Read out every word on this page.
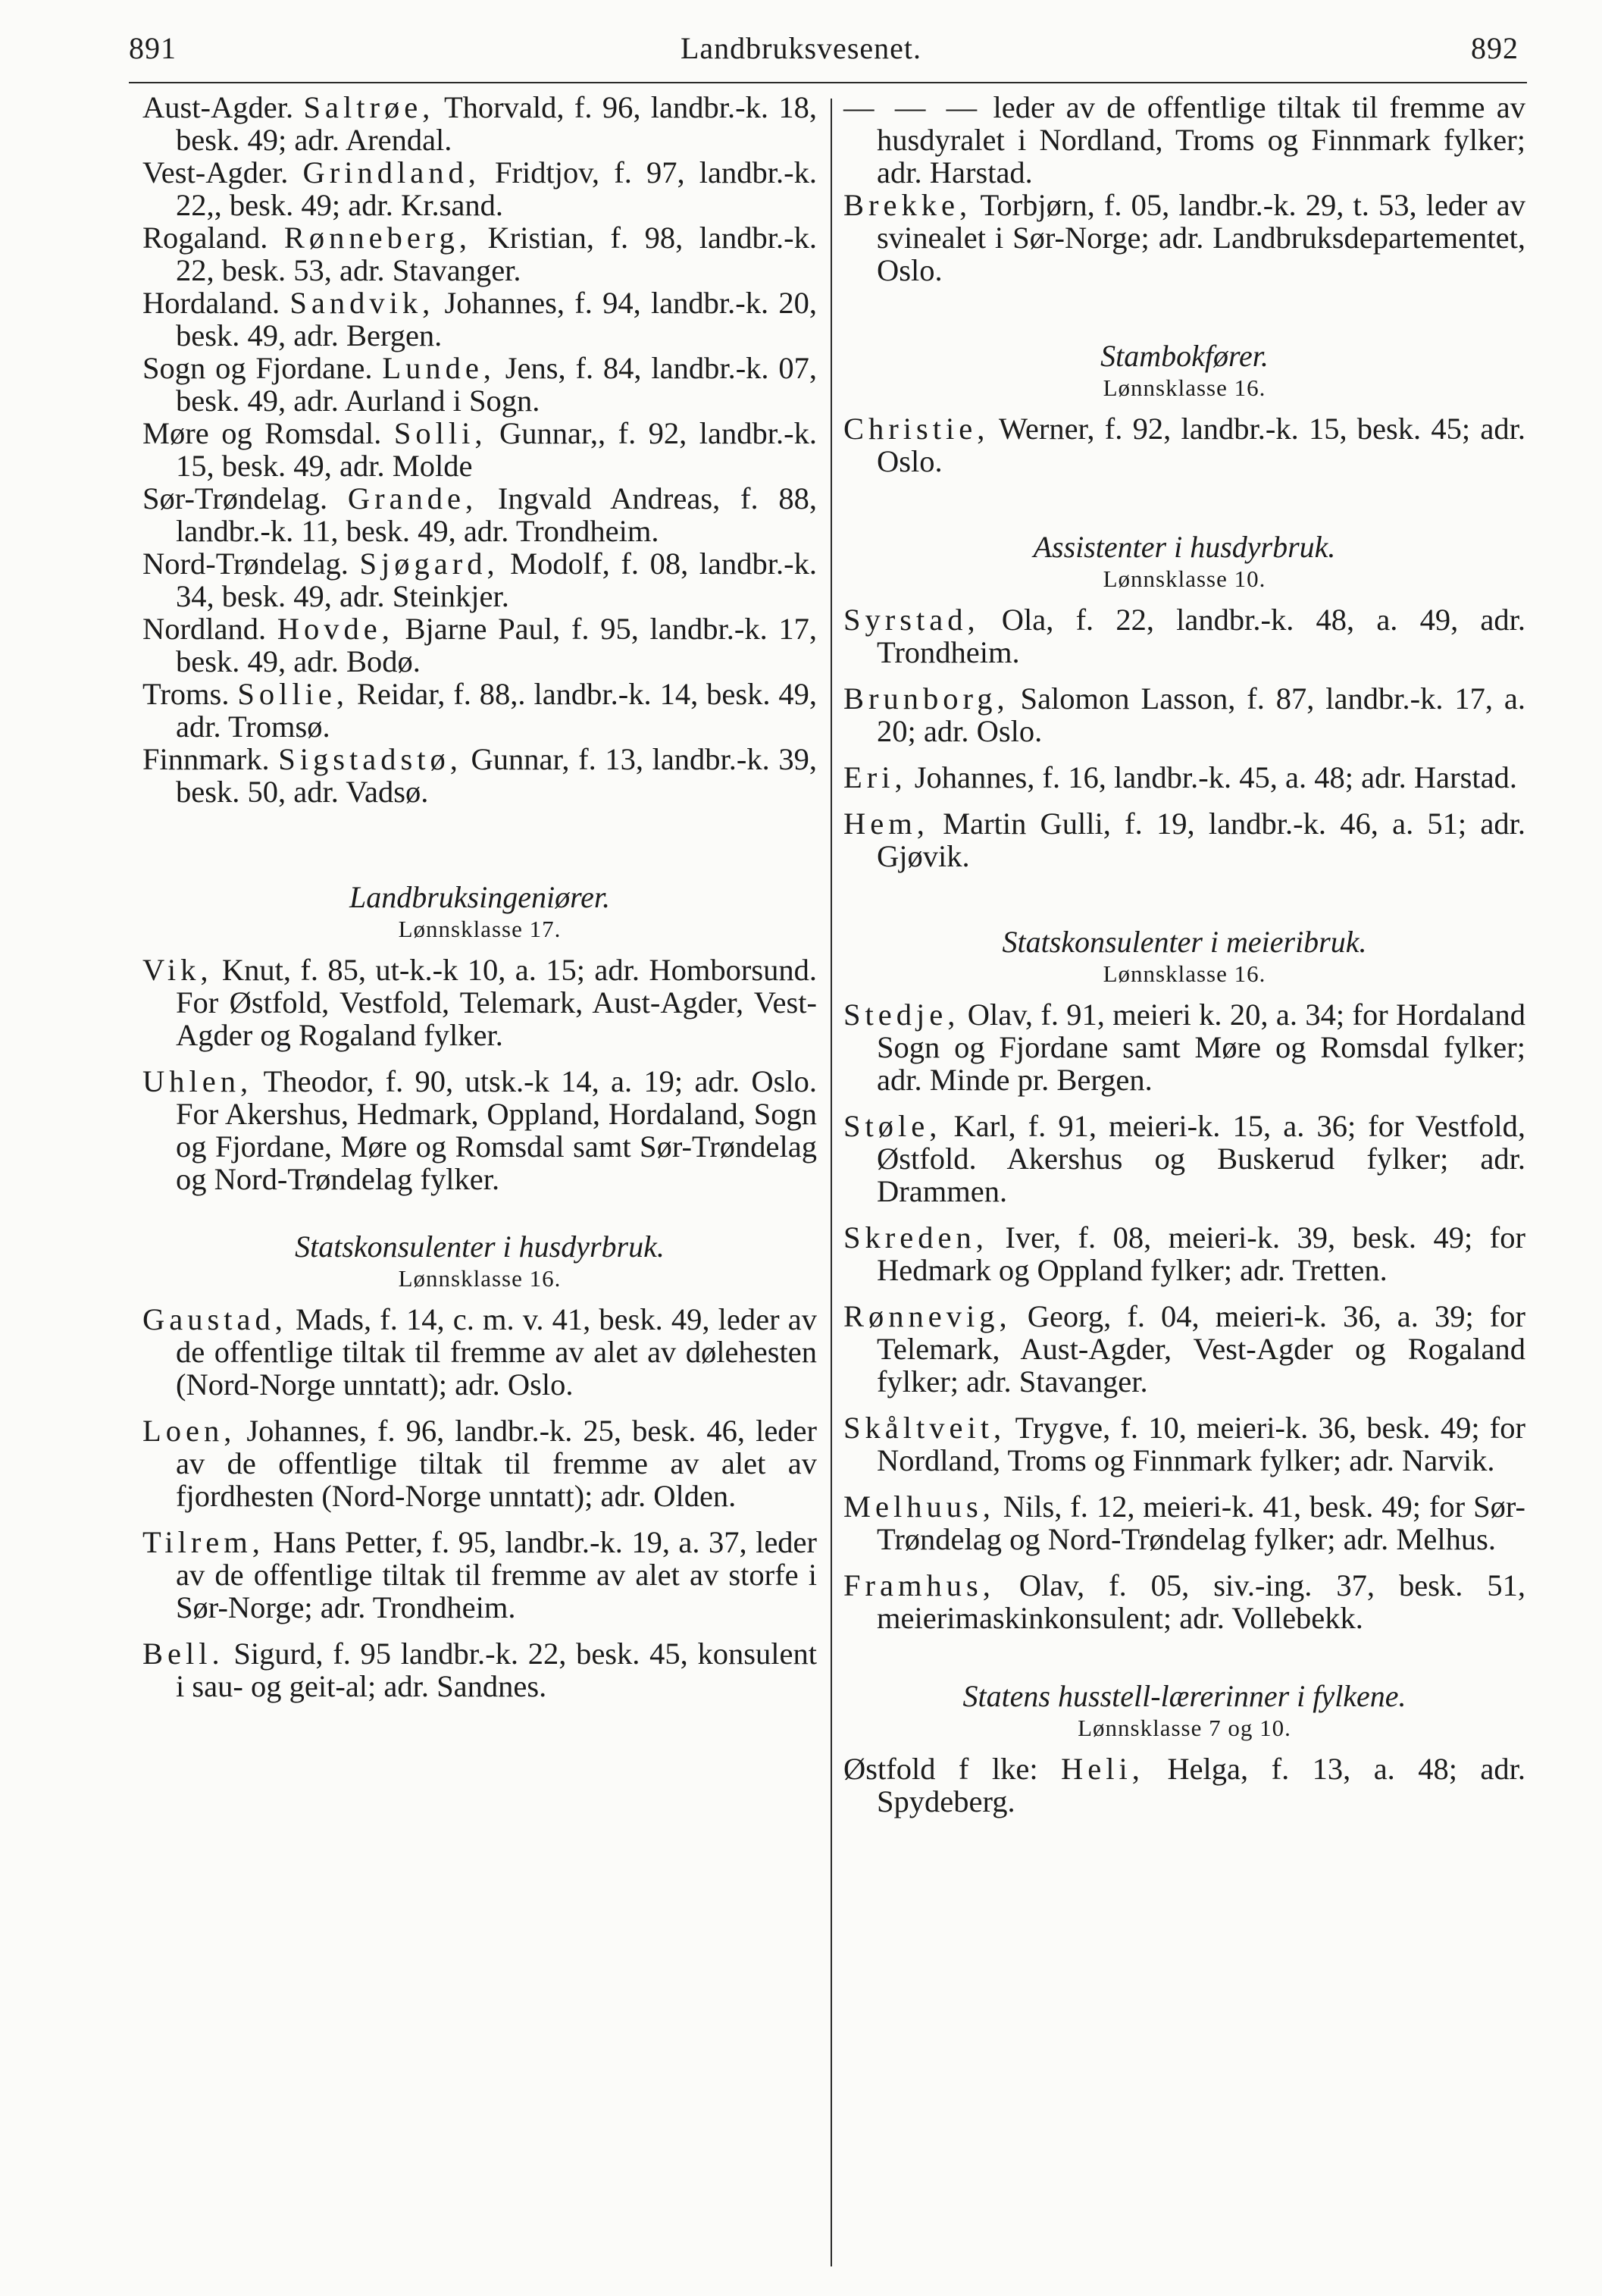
891	Landbruksvesenet.	892

Aust-Agder. Saltrøe, Thorvald, f. 96, landbr.-k. 18, besk. 49; adr. Arendal.

Vest-Agder. Grindland, Fridtjov, f. 97, landbr.-k. 22,, besk. 49; adr. Kr.sand.

Rogaland. Rønneberg, Kristian, f. 98, landbr.-k. 22, besk. 53, adr. Stavanger.

Hordaland. Sandvik, Johannes, f. 94, landbr.-k. 20, besk. 49, adr. Bergen.

Sogn og Fjordane. Lunde, Jens, f. 84, landbr.-k. 07, besk. 49, adr. Aurland i Sogn.

Møre og Romsdal. Solli, Gunnar,, f. 92, landbr.-k. 15, besk. 49, adr. Molde

Sør-Trøndelag. Grande, Ingvald Andreas, f. 88, landbr.-k. 11, besk. 49, adr. Trondheim.

Nord-Trøndelag. Sjøgard, Modolf, f. 08, landbr.-k. 34, besk. 49, adr. Steinkjer.

Nordland. Hovde, Bjarne Paul, f. 95, landbr.-k. 17, besk. 49, adr. Bodø.

Troms. Sollie, Reidar, f. 88,. landbr.-k. 14, besk. 49, adr. Tromsø.

Finnmark. Sigstadstø, Gunnar, f. 13, landbr.-k. 39, besk. 50, adr. Vadsø.

Landbruksingeniører.

Lønnsklasse 17.

Vik, Knut, f. 85, ut-k.-k 10, a. 15; adr. Homborsund. For Østfold, Vestfold, Telemark, Aust-Agder, Vest-Agder og Rogaland fylker.

Uhlen, Theodor, f. 90, utsk.-k 14, a. 19; adr. Oslo. For Akershus, Hedmark, Oppland, Hordaland, Sogn og Fjordane, Møre og Romsdal samt Sør-Trøndelag og Nord-Trøndelag fylker.

Statskonsulenter i husdyrbruk.

Lønnsklasse 16.

Gaustad, Mads, f. 14, c. m. v. 41, besk. 49, leder av de offentlige tiltak til fremme av alet av dølehesten (Nord-Norge unntatt); adr. Oslo.

Loen, Johannes, f. 96, landbr.-k. 25, besk. 46, leder av de offentlige tiltak til fremme av alet av fjordhesten (Nord-Norge unntatt); adr. Olden.

Tilrem, Hans Petter, f. 95, landbr.-k. 19, a. 37, leder av de offentlige tiltak til fremme av alet av storfe i Sør-Norge; adr. Trondheim.

Bell. Sigurd, f. 95 landbr.-k. 22, besk. 45, konsulent i sau- og geit-al; adr. Sandnes.

— — — leder av de offentlige tiltak til fremme av husdyralet i Nordland, Troms og Finnmark fylker; adr. Harstad.

Brekke, Torbjørn, f. 05, landbr.-k. 29, t. 53, leder av svinealet i Sør-Norge; adr. Landbruksdepartementet, Oslo.

Stambokfører.

Lønnsklasse 16.

Christie, Werner, f. 92, landbr.-k. 15, besk. 45; adr. Oslo.

Assistenter i husdyrbruk.

Lønnsklasse 10.

Syrstad, Ola, f. 22, landbr.-k. 48, a. 49, adr. Trondheim.

Brunborg, Salomon Lasson, f. 87, landbr.-k. 17, a. 20; adr. Oslo.

Eri, Johannes, f. 16, landbr.-k. 45, a. 48; adr. Harstad.

Hem, Martin Gulli, f. 19, landbr.-k. 46, a. 51; adr. Gjøvik.

Statskonsulenter i meieribruk.

Lønnsklasse 16.

Stedje, Olav, f. 91, meieri k. 20, a. 34; for Hordaland Sogn og Fjordane samt Møre og Romsdal fylker; adr. Minde pr. Bergen.

Støle, Karl, f. 91, meieri-k. 15, a. 36; for Vestfold, Østfold. Akershus og Buskerud fylker; adr. Drammen.

Skreden, Iver, f. 08, meieri-k. 39, besk. 49; for Hedmark og Oppland fylker; adr. Tretten.

Rønnevig, Georg, f. 04, meieri-k. 36, a. 39; for Telemark, Aust-Agder, Vest-Agder og Rogaland fylker; adr. Stavanger.

Skåltveit, Trygve, f. 10, meieri-k. 36, besk. 49; for Nordland, Troms og Finnmark fylker; adr. Narvik.

Melhuus, Nils, f. 12, meieri-k. 41, besk. 49; for Sør-Trøndelag og Nord-Trøndelag fylker; adr. Melhus.

Framhus, Olav, f. 05, siv.-ing. 37, besk. 51, meierimaskinkonsulent; adr. Vollebekk.

Statens husstell-lærerinner i fylkene.

Lønnsklasse 7 og 10.

Østfold f lke: Heli, Helga, f. 13, a. 48; adr. Spydeberg.
